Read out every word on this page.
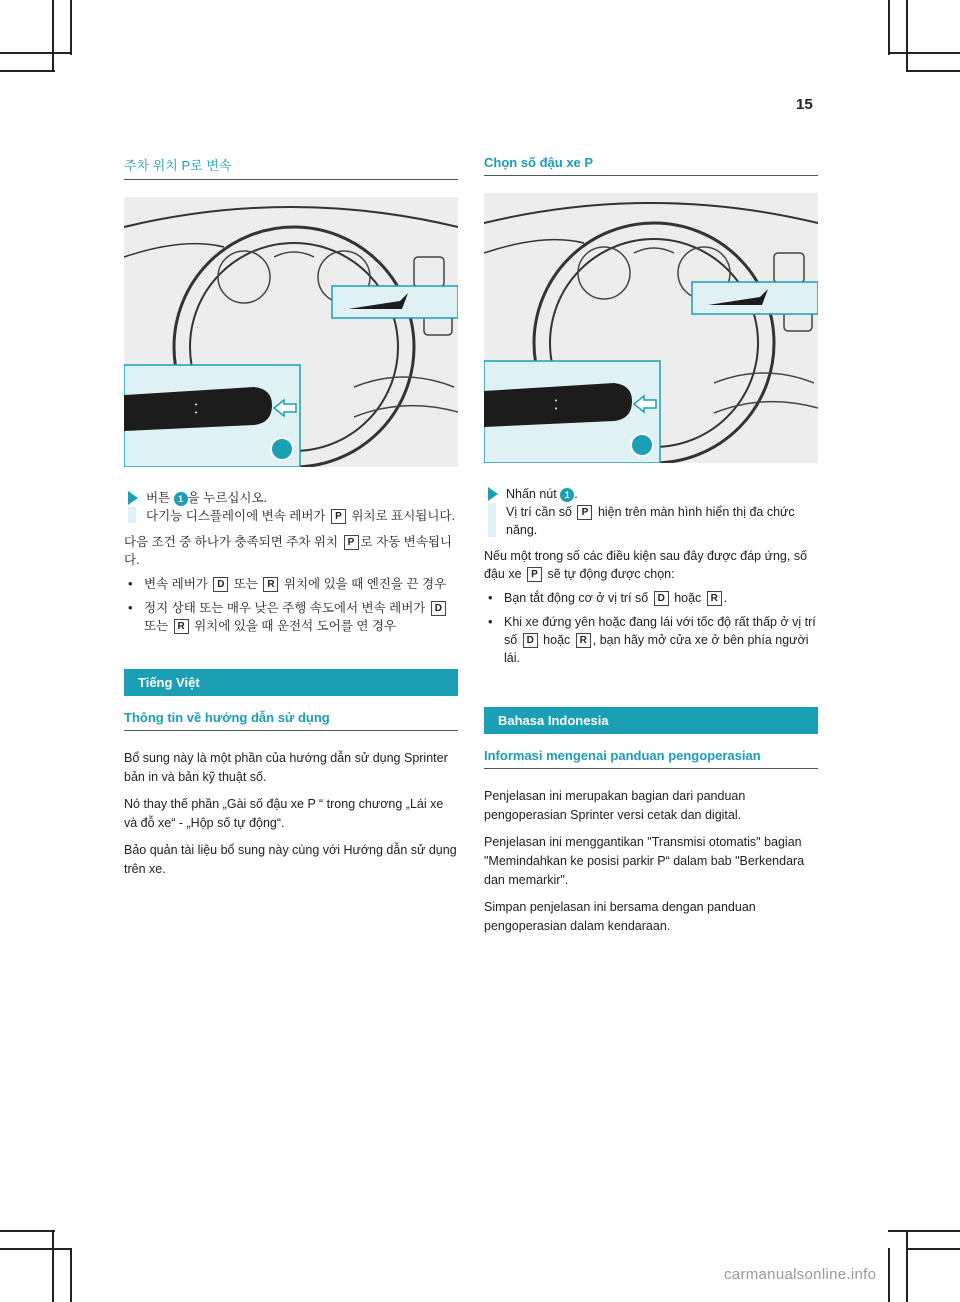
15
주차 위치 P로 변속
•
•
버튼 1 을 누르십시오.
다기능 디스플레이에 변속 레버가 P 위치로 표시됩니다.

다음 조건 중 하나가 충족되면 주차 위치 P 로 자동 변속됩니다.

• 변속 레버가 D 또는 R 위치에 있을 때 엔진을 끈 경우
• 정지 상태 또는 매우 낮은 주행 속도에서 변속 레버가 D 또는 R 위치에 있을 때 운전석 도어를 연 경우
Tiếng Việt
Thông tin về hướng dẫn sử dụng

Bổ sung này là một phần của hướng dẫn sử dụng Sprinter bản in và bản kỹ thuật số.

Nó thay thế phần „Gài số đậu xe P “ trong chương „Lái xe và đỗ xe“ - „Hộp số tự động“.

Bảo quản tài liệu bổ sung này cùng với Hướng dẫn sử dụng trên xe.

Chọn số đậu xe P
•
•
Nhấn nút 1 .
Vị trí cần số P hiện trên màn hình hiển thị đa chức năng.

Nếu một trong số các điều kiện sau đây được đáp ứng, số đậu xe P sẽ tự động được chọn:

• Bạn tắt động cơ ở vị trí số D hoặc R .
• Khi xe đứng yên hoặc đang lái với tốc độ rất thấp ở vị trí số D hoặc R , bạn hãy mở cửa xe ở bên phía người lái.
Bahasa Indonesia
Informasi mengenai panduan pengoperasian

Penjelasan ini merupakan bagian dari panduan pengoperasian Sprinter versi cetak dan digital.

Penjelasan ini menggantikan "Transmisi otomatis" bagian "Memindahkan ke posisi parkir P“ dalam bab "Berkendara dan memarkir".

Simpan penjelasan ini bersama dengan panduan pengoperasian dalam kendaraan.

carmanualsonline.info
